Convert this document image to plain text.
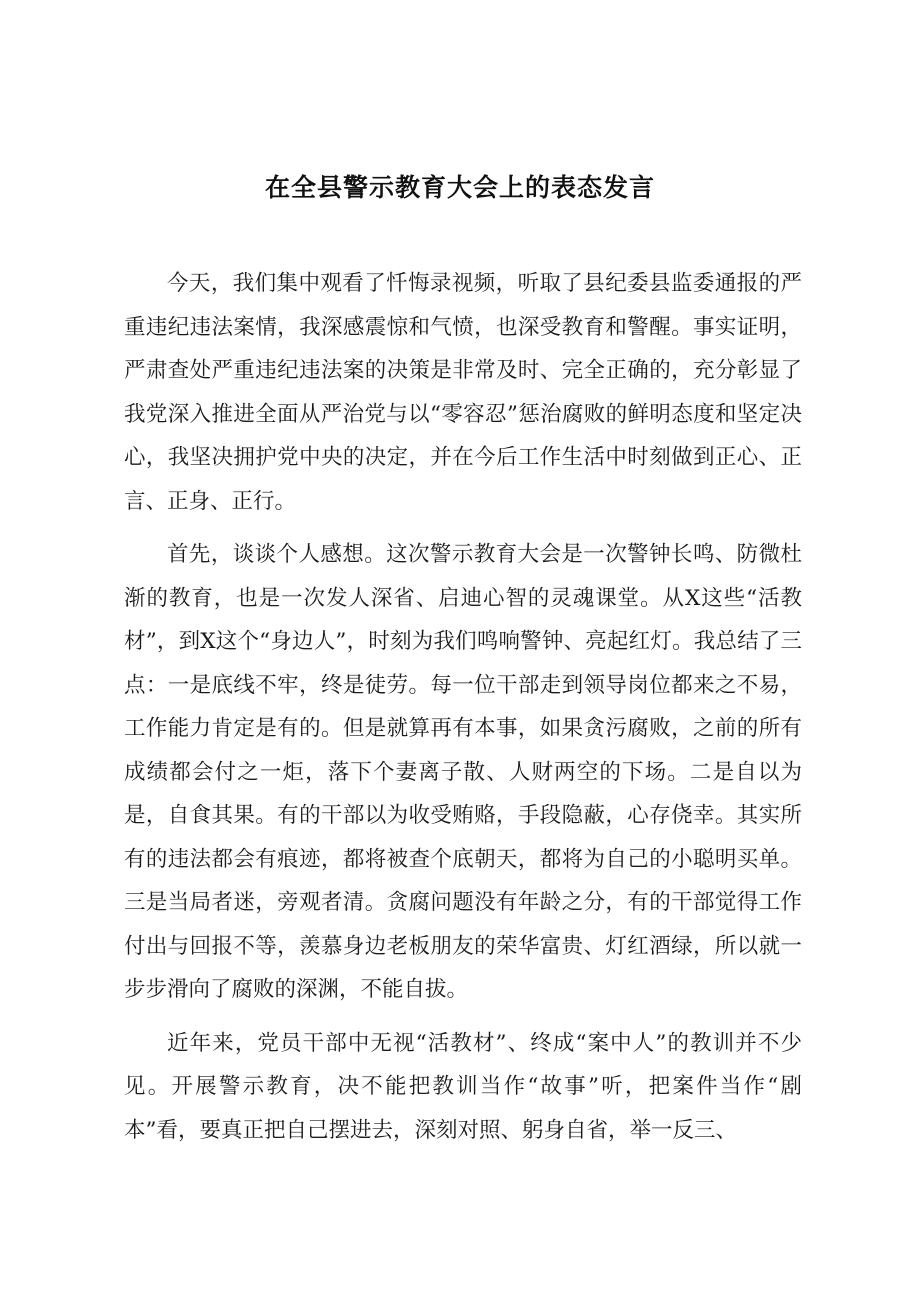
在全县警示教育大会上的表态发言

今天，我们集中观看了忏悔录视频，听取了县纪委县监委通报的严重违纪违法案情，我深感震惊和气愤，也深受教育和警醒。事实证明，严肃查处严重违纪违法案的决策是非常及时、完全正确的，充分彰显了我党深入推进全面从严治党与以“零容忍”惩治腐败的鲜明态度和坚定决心，我坚决拥护党中央的决定，并在今后工作生活中时刻做到正心、正言、正身、正行。

首先，谈谈个人感想。这次警示教育大会是一次警钟长鸣、防微杜渐的教育，也是一次发人深省、启迪心智的灵魂课堂。从X这些“活教材”，到X这个“身边人”，时刻为我们鸣响警钟、亮起红灯。我总结了三点：一是底线不牢，终是徒劳。每一位干部走到领导岗位都来之不易，工作能力肯定是有的。但是就算再有本事，如果贪污腐败，之前的所有成绩都会付之一炬，落下个妻离子散、人财两空的下场。二是自以为是，自食其果。有的干部以为收受贿赂，手段隐蔽，心存侥幸。其实所有的违法都会有痕迹，都将被查个底朝天，都将为自己的小聪明买单。三是当局者迷，旁观者清。贪腐问题没有年龄之分，有的干部觉得工作付出与回报不等，羡慕身边老板朋友的荣华富贵、灯红酒绿，所以就一步步滑向了腐败的深渊，不能自拔。

近年来，党员干部中无视“活教材”、终成“案中人”的教训并不少见。开展警示教育，决不能把教训当作“故事”听，把案件当作“剧本”看，要真正把自己摆进去，深刻对照、躬身自省，举一反三、
